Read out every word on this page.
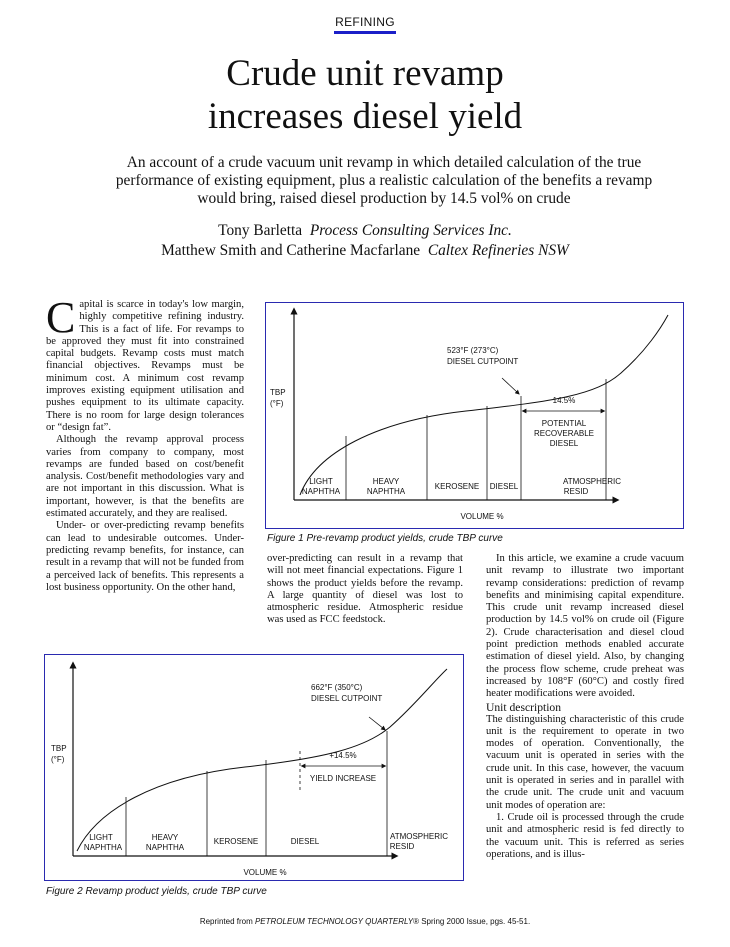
REFINING
Crude unit revamp
increases diesel yield
An account of a crude vacuum unit revamp in which detailed calculation of the true performance of existing equipment, plus a realistic calculation of the benefits a revamp would bring, raised diesel production by 14.5 vol% on crude
Tony Barletta Process Consulting Services Inc.
Matthew Smith and Catherine Macfarlane Caltex Refineries NSW

Capital is scarce in today's low margin, highly competitive refining industry. This is a fact of life. For revamps to be approved they must fit into constrained capital budgets. Revamp costs must match financial objectives. Revamps must be minimum cost. A minimum cost revamp improves existing equipment utilisation and pushes equipment to its ultimate capacity. There is no room for large design tolerances or “design fat”.

Although the revamp approval process varies from company to company, most revamps are funded based on cost/benefit analysis. Cost/benefit methodologies vary and are not important in this discussion. What is important, however, is that the benefits are estimated accurately, and they are realised.

Under- or over-predicting revamp benefits can lead to undesirable outcomes. Under-predicting revamp benefits, for instance, can result in a revamp that will not be funded from a perceived lack of benefits. This represents a lost business opportunity. On the other hand,

TBP
(°F)
523°F (273°C)
DIESEL CUTPOINT
14.5%
POTENTIAL
RECOVERABLE
DIESEL
LIGHT
NAPHTHA
HEAVY
NAPHTHA
KEROSENE DIESEL
ATMOSPHERIC
RESID
VOLUME %
Figure 1 Pre-revamp product yields, crude TBP curve

over-predicting can result in a revamp that will not meet financial expectations. Figure 1 shows the product yields before the revamp. A large quantity of diesel was lost to atmospheric residue. Atmospheric residue was used as FCC feedstock.

In this article, we examine a crude vacuum unit revamp to illustrate two important revamp considerations: prediction of revamp benefits and minimising capital expenditure. This crude unit revamp increased diesel production by 14.5 vol% on crude oil (Figure 2). Crude characterisation and diesel cloud point prediction methods enabled accurate estimation of diesel yield. Also, by changing the process flow scheme, crude preheat was increased by 108°F (60°C) and costly fired heater modifications were avoided.

Unit description

The distinguishing characteristic of this crude unit is the requirement to operate in two modes of operation. Conventionally, the vacuum unit is operated in series with the crude unit. In this case, however, the vacuum unit is operated in series and in parallel with the crude unit. The crude unit and vacuum unit modes of operation are:

1. Crude oil is processed through the crude unit and atmospheric resid is fed directly to the vacuum unit. This is referred as series operations, and is illus-

TBP
(°F)
662°F (350°C)
DIESEL CUTPOINT
+14.5%
YIELD INCREASE
LIGHT
NAPHTHA
HEAVY
NAPHTHA
KEROSENE	DIESEL
ATMOSPHERIC
RESID
VOLUME %
Figure 2 Revamp product yields, crude TBP curve
Reprinted from PETROLEUM TECHNOLOGY QUARTERLY® Spring 2000 Issue, pgs. 45-51.
